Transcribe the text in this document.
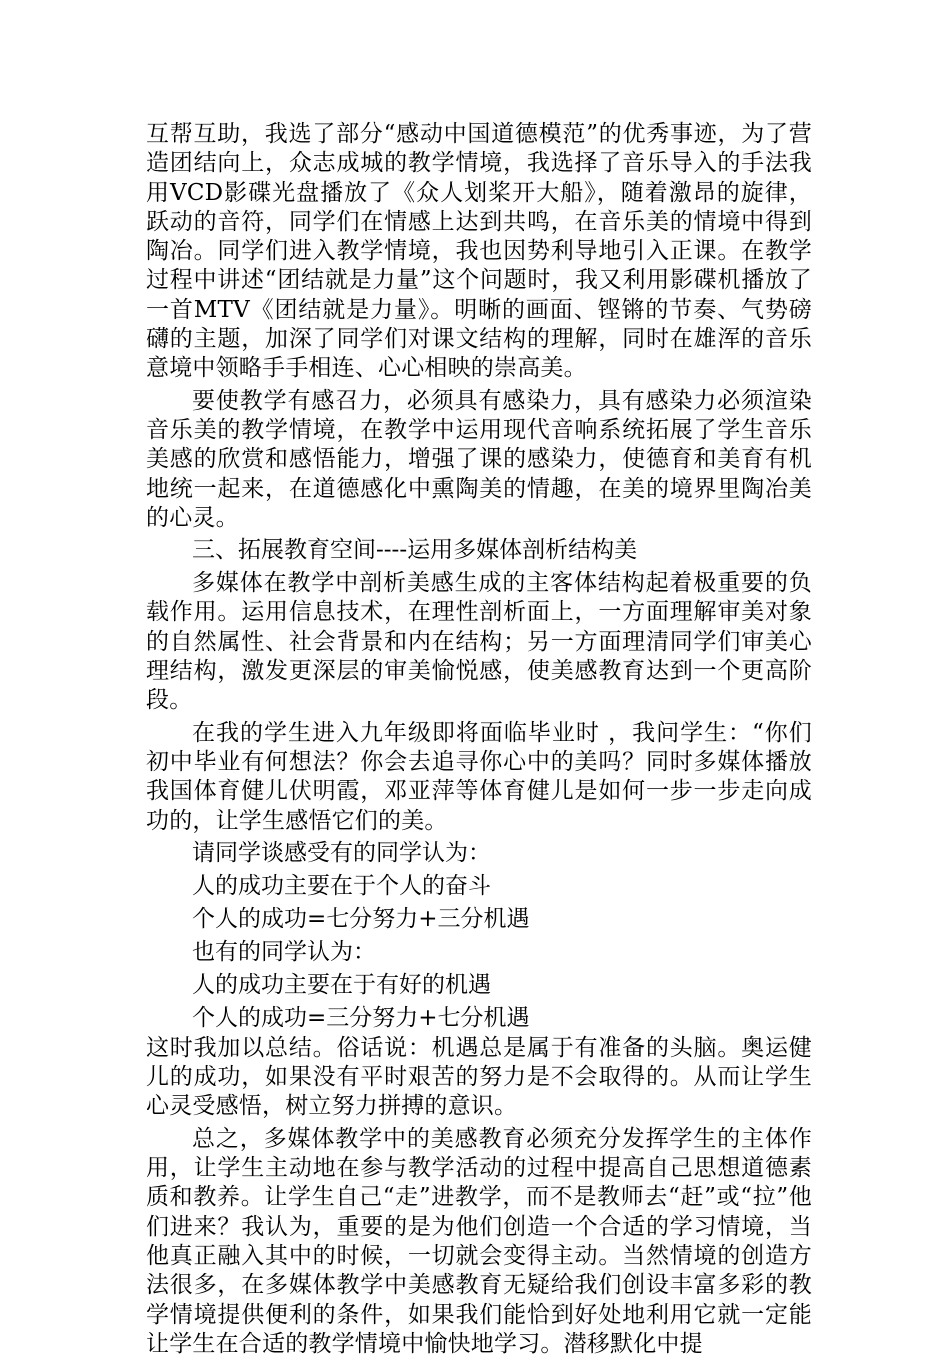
互帮互助，我选了部分“感动中国道德模范”的优秀事迹，为了营造团结向上，众志成城的教学情境，我选择了音乐导入的手法我用VCD影碟光盘播放了《众人划桨开大船》，随着激昂的旋律，跃动的音符，同学们在情感上达到共鸣，在音乐美的情境中得到陶冶。同学们进入教学情境，我也因势利导地引入正课。在教学过程中讲述“团结就是力量”这个问题时，我又利用影碟机播放了一首MTV《团结就是力量》。明晰的画面、铿锵的节奏、气势磅礴的主题，加深了同学们对课文结构的理解，同时在雄浑的音乐意境中领略手手相连、心心相映的崇高美。

要使教学有感召力，必须具有感染力，具有感染力必须渲染音乐美的教学情境，在教学中运用现代音响系统拓展了学生音乐美感的欣赏和感悟能力，增强了课的感染力，使德育和美育有机地统一起来，在道德感化中熏陶美的情趣，在美的境界里陶冶美的心灵。

三、拓展教育空间----运用多媒体剖析结构美

多媒体在教学中剖析美感生成的主客体结构起着极重要的负载作用。运用信息技术，在理性剖析面上，一方面理解审美对象的自然属性、社会背景和内在结构；另一方面理清同学们审美心理结构，激发更深层的审美愉悦感，使美感教育达到一个更高阶段。

在我的学生进入九年级即将面临毕业时 ，我问学生：“你们初中毕业有何想法？你会去追寻你心中的美吗？同时多媒体播放我国体育健儿伏明霞，邓亚萍等体育健儿是如何一步一步走向成功的，让学生感悟它们的美。

请同学谈感受有的同学认为：

人的成功主要在于个人的奋斗

个人的成功=七分努力+三分机遇

也有的同学认为：

人的成功主要在于有好的机遇

个人的成功=三分努力+七分机遇

这时我加以总结。俗话说：机遇总是属于有准备的头脑。奥运健儿的成功，如果没有平时艰苦的努力是不会取得的。从而让学生心灵受感悟，树立努力拼搏的意识。

总之，多媒体教学中的美感教育必须充分发挥学生的主体作用，让学生主动地在参与教学活动的过程中提高自己思想道德素质和教养。让学生自己“走”进教学，而不是教师去“赶”或“拉”他们进来？我认为，重要的是为他们创造一个合适的学习情境，当他真正融入其中的时候，一切就会变得主动。当然情境的创造方法很多，在多媒体教学中美感教育无疑给我们创设丰富多彩的教学情境提供便利的条件，如果我们能恰到好处地利用它就一定能让学生在合适的教学情境中愉快地学习。潜移默化中提
